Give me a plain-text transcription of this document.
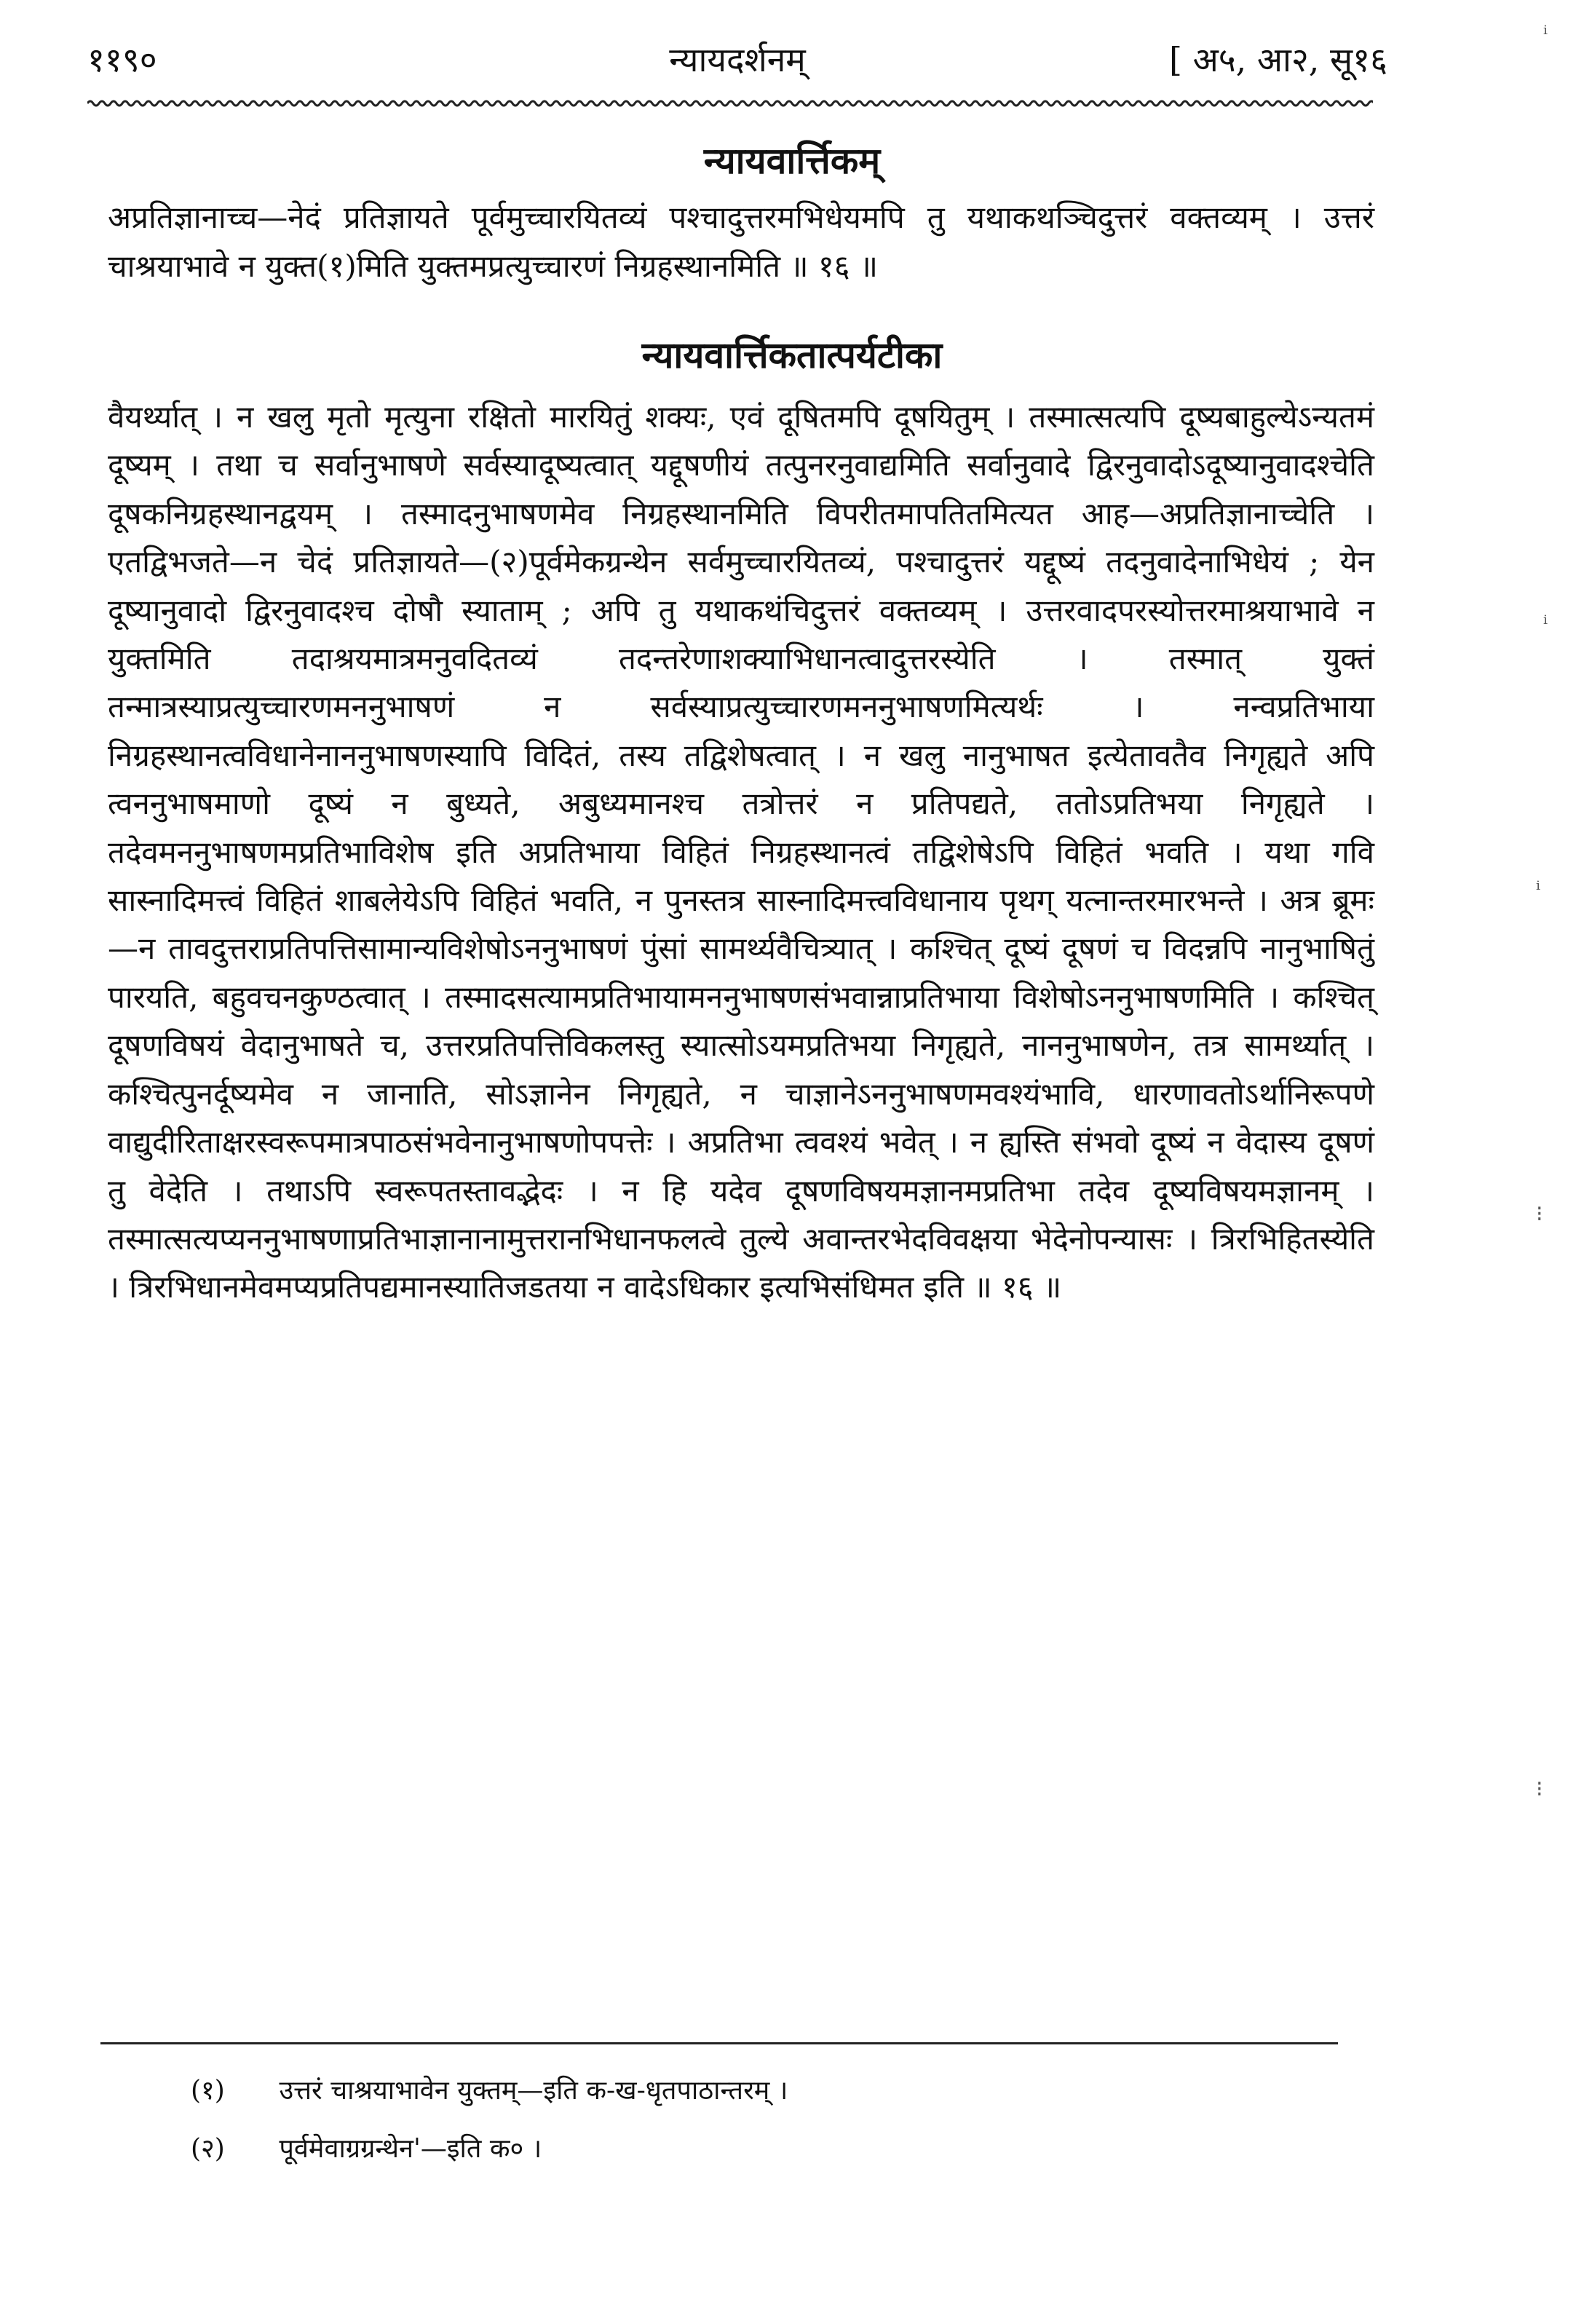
११९०	न्यायदर्शनम्	[ अ५, आ२, सू१६
न्यायवार्त्तिकम्
अप्रतिज्ञानाच्च—नेदं प्रतिज्ञायते पूर्वमुच्चारयितव्यं पश्चादुत्तरमभिधेयमपि तु यथाकथञ्चिदुत्तरं वक्तव्यम् । उत्तरं चाश्रयाभावे न युक्त(१)मिति युक्तमप्रत्युच्चारणं निग्रहस्थानमिति ॥ १६ ॥
न्यायवार्त्तिकतात्पर्यटीका
वैयर्थ्यात् । न खलु मृतो मृत्युना रक्षितो मारयितुं शक्यः, एवं दूषितमपि दूषयितुम् । तस्मात्सत्यपि दूष्यबाहुल्येऽन्यतमं दूष्यम् । तथा च सर्वानुभाषणे सर्वस्यादूष्यत्वात् यद्दूषणीयं तत्पुनरनुवाद्यमिति सर्वानुवादे द्विरनुवादोऽदूष्यानुवादश्चेति दूषकनिग्रहस्थानद्वयम् । तस्मादनुभाषणमेव निग्रहस्थानमिति विपरीतमापतितमित्यत आह—अप्रतिज्ञानाच्चेति । एतद्विभजते—न चेदं प्रतिज्ञायते—(२)पूर्वमेकग्रन्थेन सर्वमुच्चारयितव्यं, पश्चादुत्तरं यद्दूष्यं तदनुवादेनाभिधेयं ; येन दूष्यानुवादो द्विरनुवादश्च दोषौ स्याताम् ; अपि तु यथाकथंचिदुत्तरं वक्तव्यम् । उत्तरवादपरस्योत्तरमाश्रयाभावे न युक्तमिति तदाश्रयमात्रमनुवदितव्यं तदन्तरेणाशक्याभिधानत्वादुत्तरस्येति । तस्मात् युक्तं तन्मात्रस्याप्रत्युच्चारणमननुभाषणं न सर्वस्याप्रत्युच्चारणमननुभाषणमित्यर्थः । नन्वप्रतिभाया निग्रहस्थानत्वविधानेनाननुभाषणस्यापि विदितं, तस्य तद्विशेषत्वात् । न खलु नानुभाषत इत्येतावतैव निगृह्यते अपि त्वननुभाषमाणो दूष्यं न बुध्यते, अबुध्यमानश्च तत्रोत्तरं न प्रतिपद्यते, ततोऽप्रतिभया निगृह्यते । तदेवमननुभाषणमप्रतिभाविशेष इति अप्रतिभाया विहितं निग्रहस्थानत्वं तद्विशेषेऽपि विहितं भवति । यथा गवि सास्नादिमत्त्वं विहितं शाबलेयेऽपि विहितं भवति, न पुनस्तत्र सास्नादिमत्त्वविधानाय पृथग् यत्नान्तरमारभन्ते । अत्र ब्रूमः—न तावदुत्तराप्रतिपत्तिसामान्यविशेषोऽननुभाषणं पुंसां सामर्थ्यवैचित्र्यात् । कश्चित् दूष्यं दूषणं च विदन्नपि नानुभाषितुं पारयति, बहुवचनकुण्ठत्वात् । तस्मादसत्यामप्रतिभायामननुभाषणसंभवान्नाप्रतिभाया विशेषोऽननुभाषणमिति । कश्चित् दूषणविषयं वेदानुभाषते च, उत्तरप्रतिपत्तिविकलस्तु स्यात्सोऽयमप्रतिभया निगृह्यते, नाननुभाषणेन, तत्र सामर्थ्यात् । कश्चित्पुनर्दूष्यमेव न जानाति, सोऽज्ञानेन निगृह्यते, न चाज्ञानेऽननुभाषणमवश्यंभावि, धारणावतोऽर्थानिरूपणे वाद्युदीरिताक्षरस्वरूपमात्रपाठसंभवेनानुभाषणोपपत्तेः । अप्रतिभा त्ववश्यं भवेत् । न ह्यस्ति संभवो दूष्यं न वेदास्य दूषणं तु वेदेति । तथाऽपि स्वरूपतस्तावद्भेदः । न हि यदेव दूषणविषयमज्ञानमप्रतिभा तदेव दूष्यविषयमज्ञानम् । तस्मात्सत्यप्यननुभाषणाप्रतिभाज्ञानानामुत्तरानभिधानफलत्वे तुल्ये अवान्तरभेदविवक्षया भेदेनोपन्यासः । त्रिरभिहितस्येति । त्रिरभिधानमेवमप्यप्रतिपद्यमानस्यातिजडतया न वादेऽधिकार इत्यभिसंधिमत इति ॥ १६ ॥
(१) उत्तरं चाश्रयाभावेन युक्तम्—इति क-ख-धृतपाठान्तरम् ।
(२) पूर्वमेवाग्रग्रन्थेन'—इति क० ।
ⁱ
ⁱ
ⁱ
⁝
⁝
